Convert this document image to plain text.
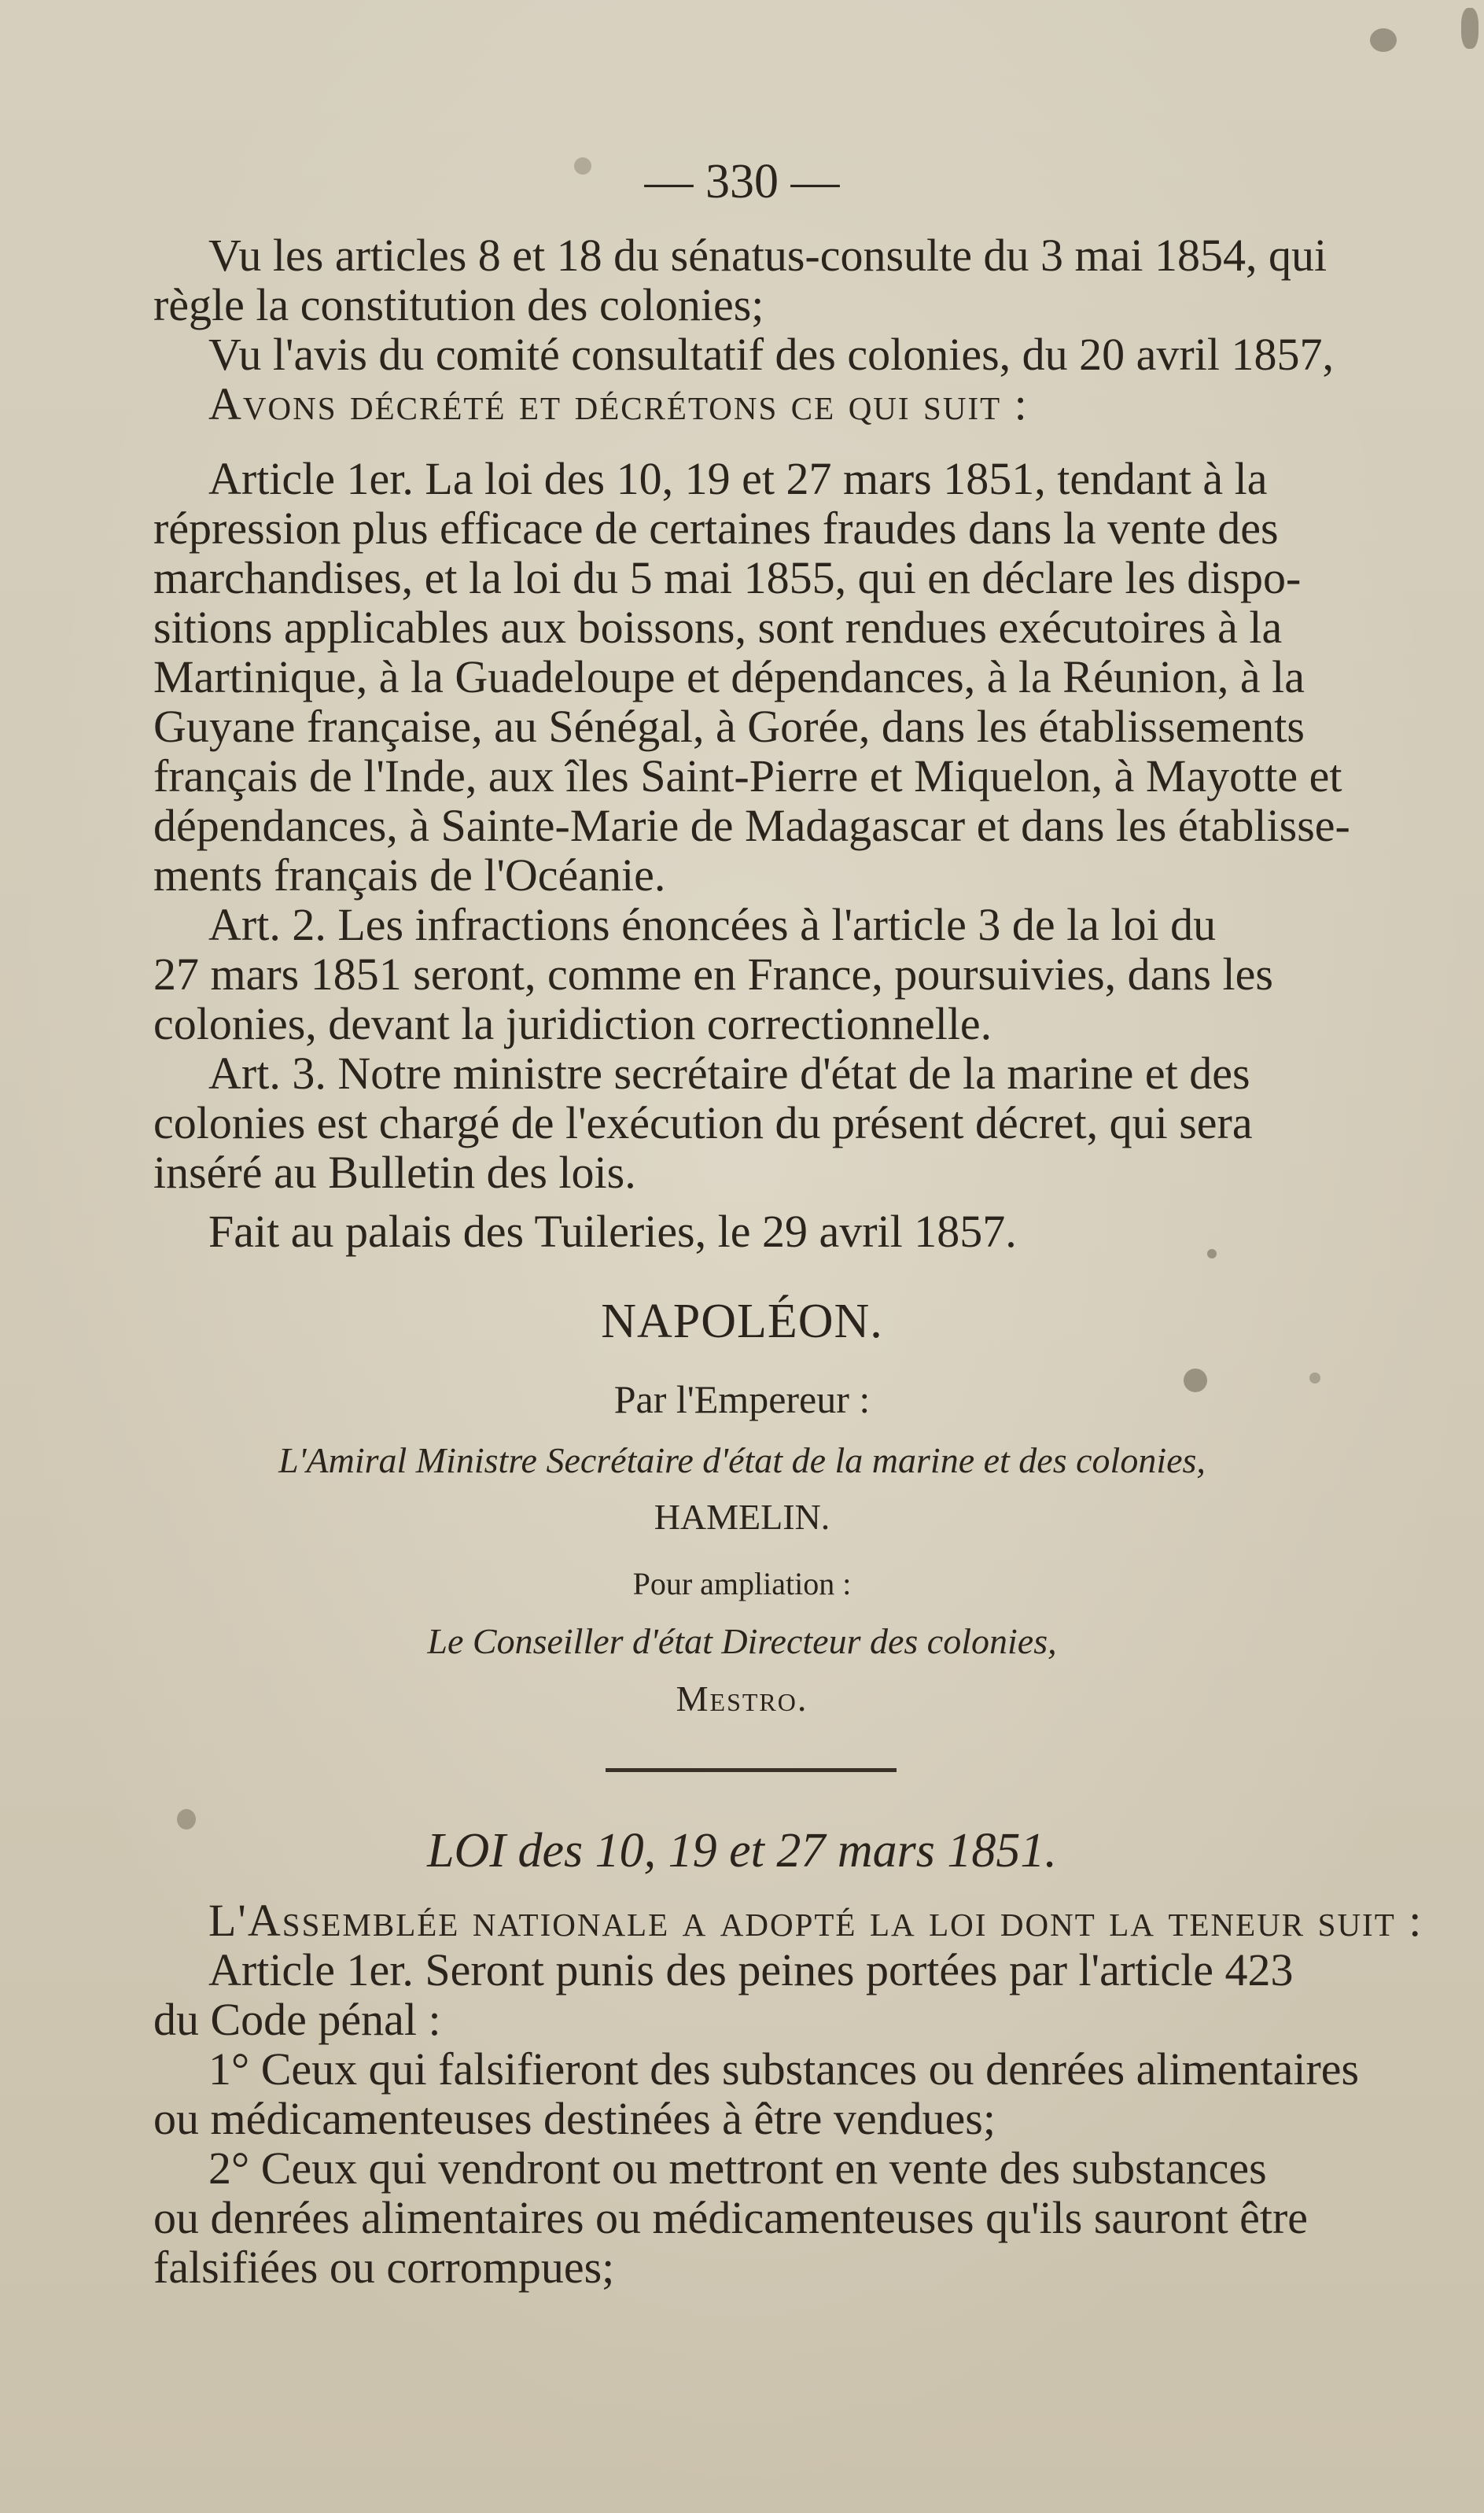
— 330 —
Vu les articles 8 et 18 du sénatus-consulte du 3 mai 1854, qui
règle la constitution des colonies;
Vu l'avis du comité consultatif des colonies, du 20 avril 1857,
Avons décrété et décrétons ce qui suit :
Article 1er. La loi des 10, 19 et 27 mars 1851, tendant à la
répression plus efficace de certaines fraudes dans la vente des
marchandises, et la loi du 5 mai 1855, qui en déclare les dispo-
sitions applicables aux boissons, sont rendues exécutoires à la
Martinique, à la Guadeloupe et dépendances, à la Réunion, à la
Guyane française, au Sénégal, à Gorée, dans les établissements
français de l'Inde, aux îles Saint-Pierre et Miquelon, à Mayotte et
dépendances, à Sainte-Marie de Madagascar et dans les établisse-
ments français de l'Océanie.
Art. 2. Les infractions énoncées à l'article 3 de la loi du
27 mars 1851 seront, comme en France, poursuivies, dans les
colonies, devant la juridiction correctionnelle.
Art. 3. Notre ministre secrétaire d'état de la marine et des
colonies est chargé de l'exécution du présent décret, qui sera
inséré au Bulletin des lois.
Fait au palais des Tuileries, le 29 avril 1857.
NAPOLÉON.
Par l'Empereur :
L'Amiral Ministre Secrétaire d'état de la marine et des colonies,
HAMELIN.
Pour ampliation :
Le Conseiller d'état Directeur des colonies,
Mestro.
LOI des 10, 19 et 27 mars 1851.
L'Assemblée nationale a adopté la loi dont la teneur suit :
Article 1er. Seront punis des peines portées par l'article 423
du Code pénal :
1° Ceux qui falsifieront des substances ou denrées alimentaires
ou médicamenteuses destinées à être vendues;
2° Ceux qui vendront ou mettront en vente des substances
ou denrées alimentaires ou médicamenteuses qu'ils sauront être
falsifiées ou corrompues;
